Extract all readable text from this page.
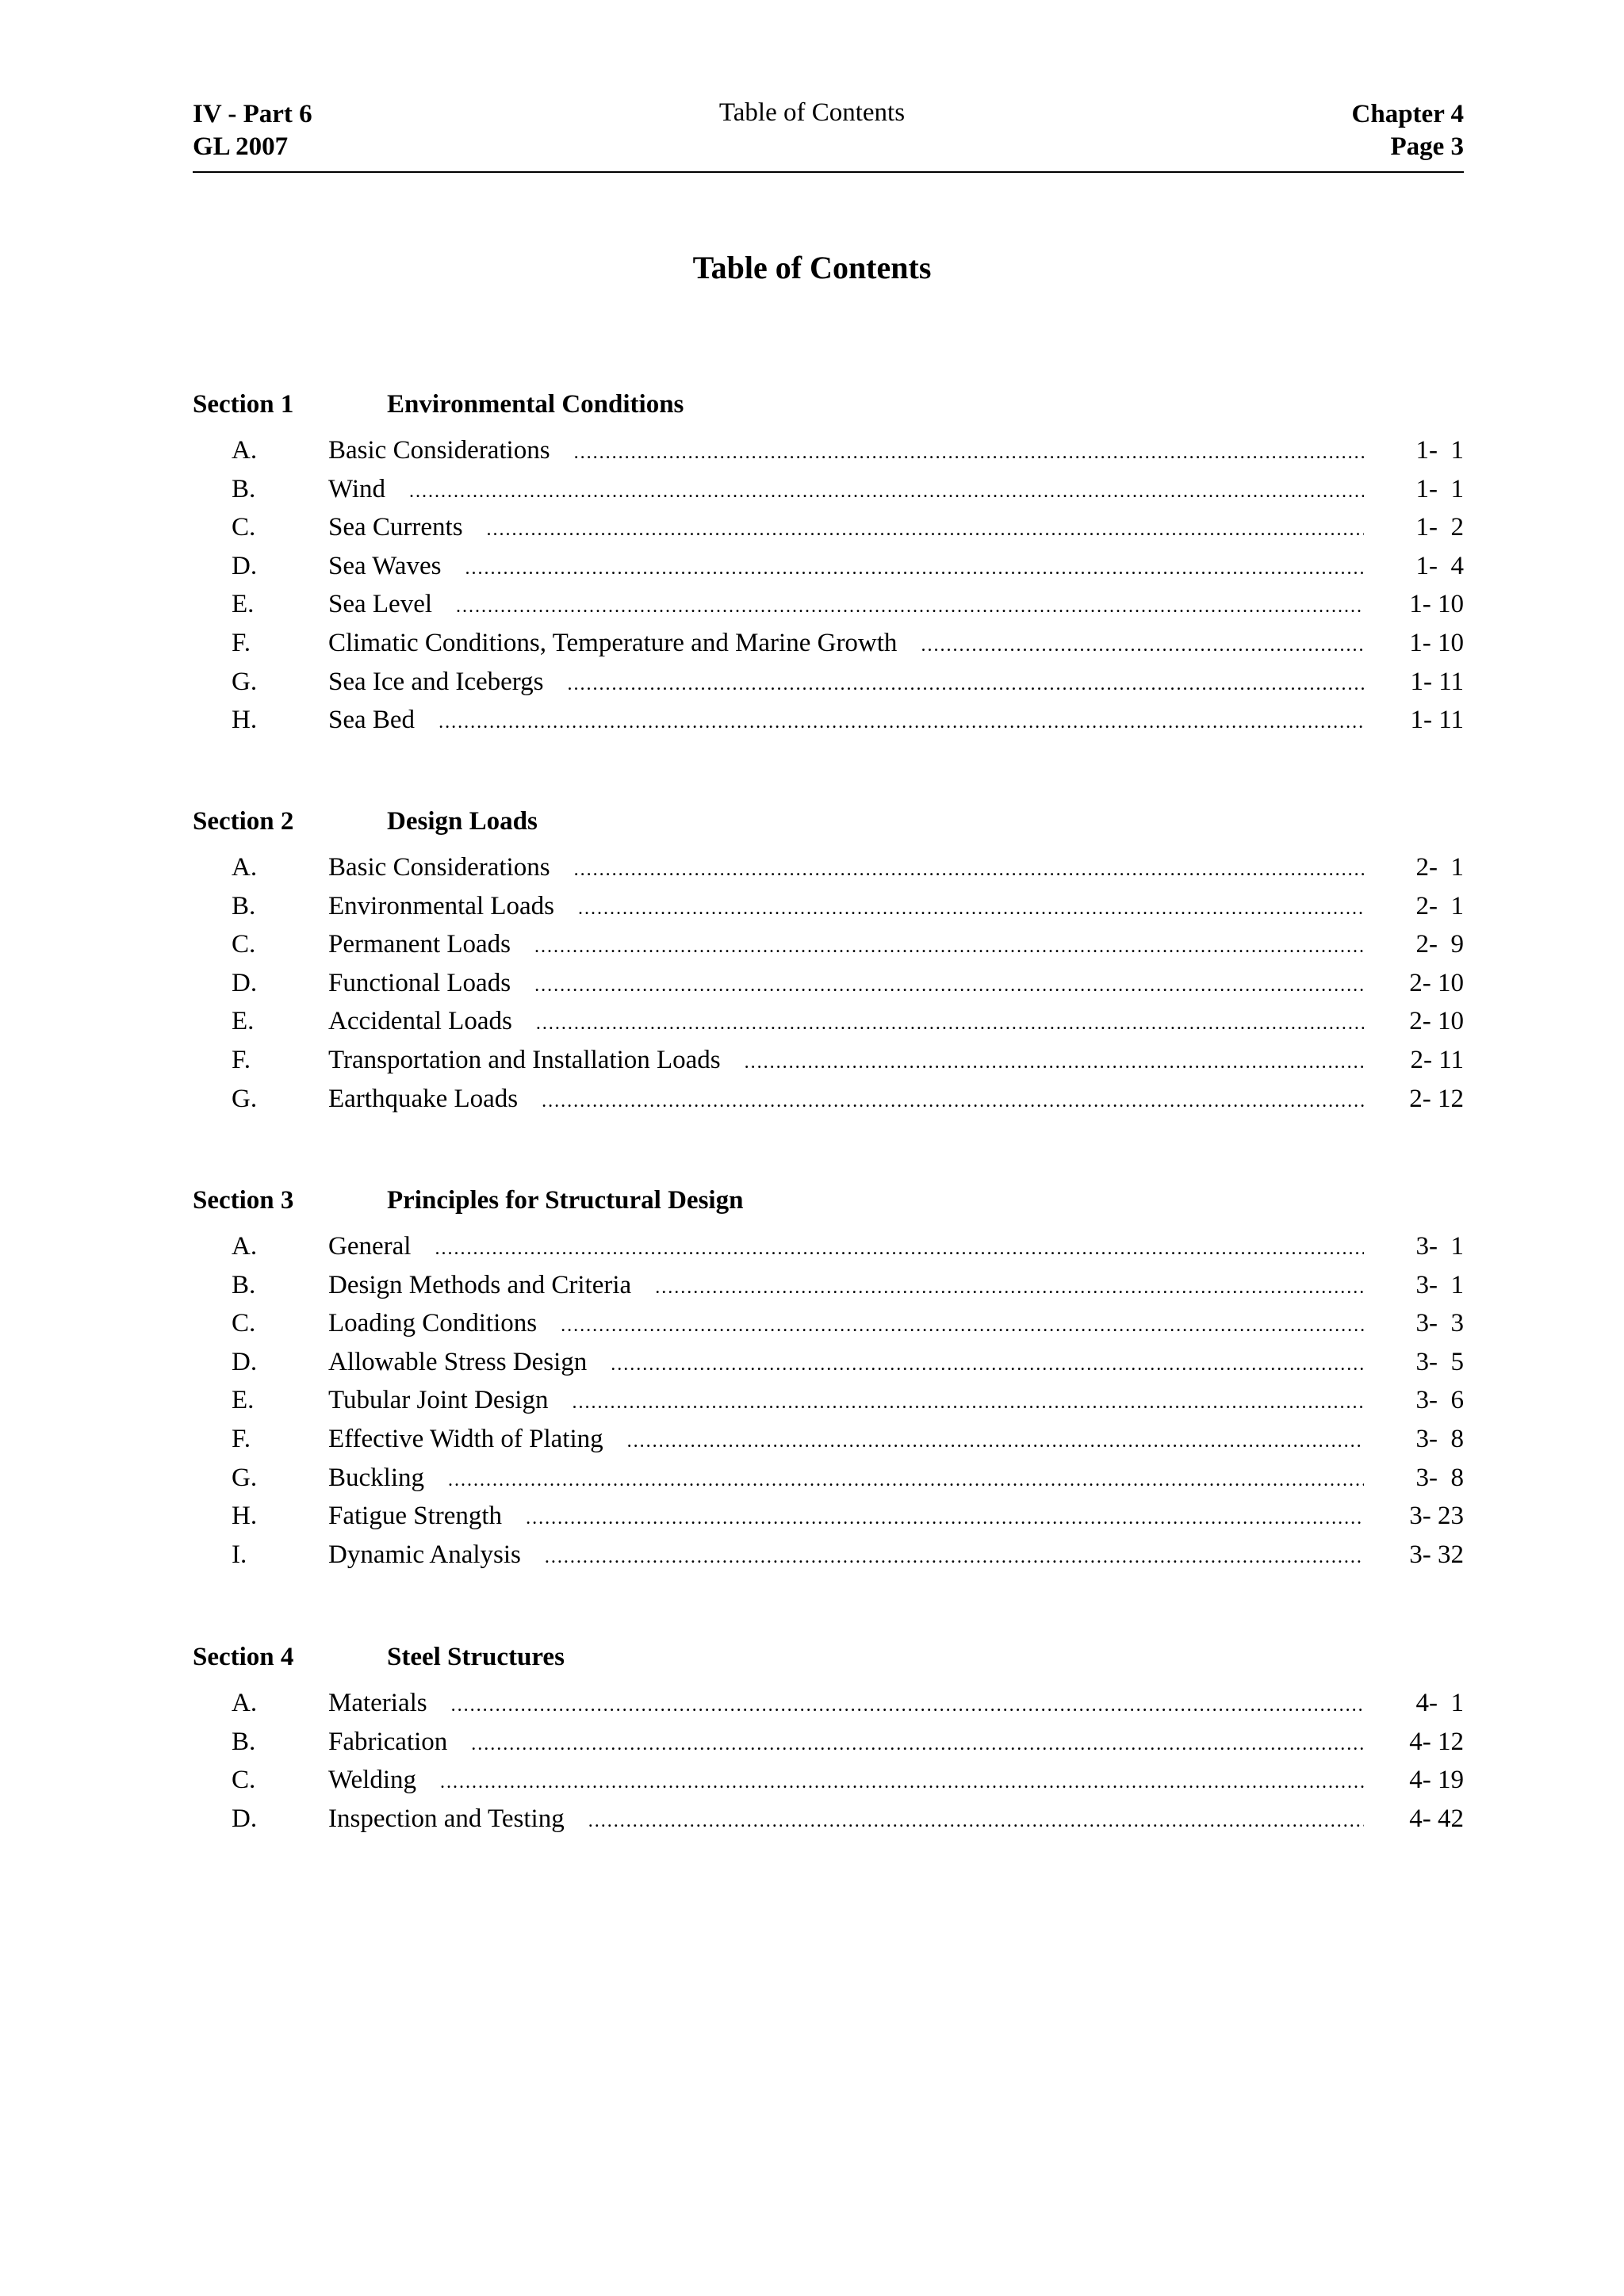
IV - Part 6
GL 2007
Table of Contents	Chapter 4
Page 3
Table of Contents
Section 1	Environmental Conditions
A.	Basic Considerations .....	1-  1
B.	Wind .....	1-  1
C.	Sea Currents .....	1-  2
D.	Sea Waves .....	1-  4
E.	Sea Level .....	1- 10
F.	Climatic Conditions, Temperature and Marine Growth .....	1- 10
G.	Sea Ice and Icebergs .....	1- 11
H.	Sea Bed .....	1- 11
Section 2	Design Loads
A.	Basic Considerations .....	2-  1
B.	Environmental Loads .....	2-  1
C.	Permanent Loads .....	2-  9
D.	Functional Loads .....	2- 10
E.	Accidental Loads .....	2- 10
F.	Transportation and Installation Loads .....	2- 11
G.	Earthquake Loads .....	2- 12
Section 3	Principles for Structural Design
A.	General .....	3-  1
B.	Design Methods and Criteria .....	3-  1
C.	Loading Conditions .....	3-  3
D.	Allowable Stress Design .....	3-  5
E.	Tubular Joint Design .....	3-  6
F.	Effective Width of Plating .....	3-  8
G.	Buckling .....	3-  8
H.	Fatigue Strength .....	3- 23
I.	Dynamic Analysis .....	3- 32
Section 4	Steel Structures
A.	Materials .....	4-  1
B.	Fabrication .....	4- 12
C.	Welding .....	4- 19
D.	Inspection and Testing .....	4- 42
